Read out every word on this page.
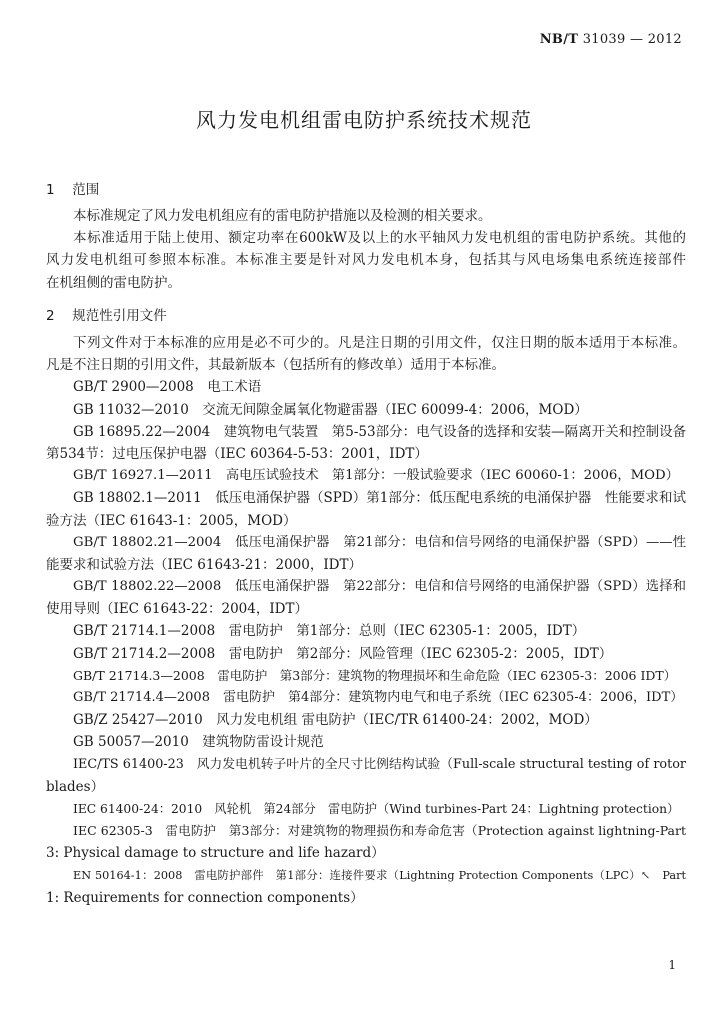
NB/T 31039 — 2012
风力发电机组雷电防护系统技术规范
1 范围
本标准规定了风力发电机组应有的雷电防护措施以及检测的相关要求。
本标准适用于陆上使用、额定功率在600kW及以上的水平轴风力发电机组的雷电防护系统。其他的
风力发电机组可参照本标准。本标准主要是针对风力发电机本身，包括其与风电场集电系统连接部件
在机组侧的雷电防护。
2 规范性引用文件
下列文件对于本标准的应用是必不可少的。凡是注日期的引用文件，仅注日期的版本适用于本标准。
凡是不注日期的引用文件，其最新版本（包括所有的修改单）适用于本标准。
GB/T 2900—2008　电工术语
GB 11032—2010　交流无间隙金属氧化物避雷器（IEC 60099-4：2006，MOD）
GB 16895.22—2004　建筑物电气装置　第5-53部分：电气设备的选择和安装—隔离开关和控制设备
第534节：过电压保护电器（IEC 60364-5-53：2001，IDT）
GB/T 16927.1—2011　高电压试验技术　第1部分：一般试验要求（IEC 60060-1：2006，MOD）
GB 18802.1—2011　低压电涌保护器（SPD）第1部分：低压配电系统的电涌保护器　性能要求和试
验方法（IEC 61643-1：2005，MOD）
GB/T 18802.21—2004　低压电涌保护器　第21部分：电信和信号网络的电涌保护器（SPD）——性
能要求和试验方法（IEC 61643-21：2000，IDT）
GB/T 18802.22—2008　低压电涌保护器　第22部分：电信和信号网络的电涌保护器（SPD）选择和
使用导则（IEC 61643-22：2004，IDT）
GB/T 21714.1—2008　雷电防护　第1部分：总则（IEC 62305-1：2005，IDT）
GB/T 21714.2—2008　雷电防护　第2部分：风险管理（IEC 62305-2：2005，IDT）
GB/T 21714.3—2008　雷电防护　第3部分：建筑物的物理损坏和生命危险（IEC 62305-3：2006 IDT）
GB/T 21714.4—2008　雷电防护　第4部分：建筑物内电气和电子系统（IEC 62305-4：2006，IDT）
GB/Z 25427—2010　风力发电机组 雷电防护（IEC/TR 61400-24：2002，MOD）
GB 50057—2010　建筑物防雷设计规范
IEC/TS 61400-23　风力发电机转子叶片的全尺寸比例结构试验（Full-scale structural testing of rotor
blades）
IEC 61400-24：2010　风轮机　第24部分　雷电防护（Wind turbines-Part 24：Lightning protection）
IEC 62305-3　雷电防护　第3部分：对建筑物的物理损伤和寿命危害（Protection against lightning-Part
3: Physical damage to structure and life hazard）
EN 50164-1：2008　雷电防护部件　第1部分：连接件要求（Lightning Protection Components（LPC）↖　Part
1: Requirements for connection components）
1
